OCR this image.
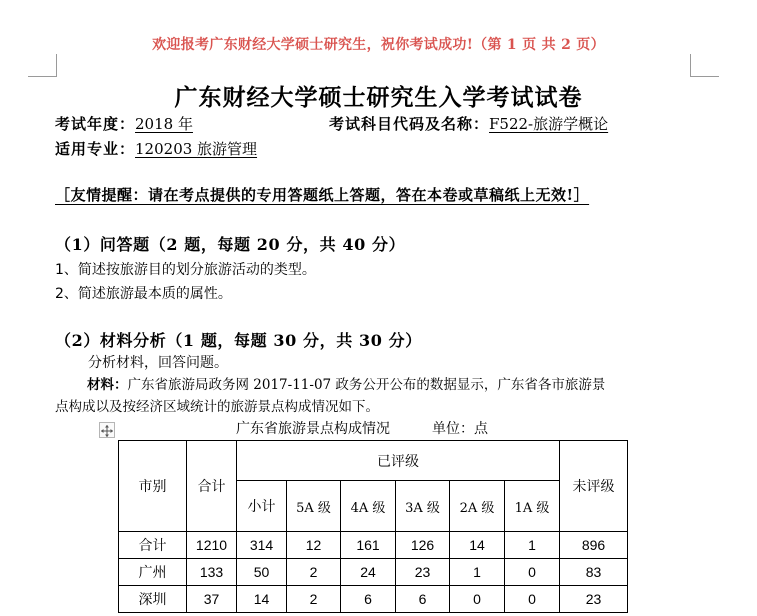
欢迎报考广东财经大学硕士研究生，祝你考试成功!（第 1 页 共 2 页）
广东财经大学硕士研究生入学考试试卷
考试年度：2018 年	考试科目代码及名称：F522-旅游学概论
适用专业：120203 旅游管理
［友情提醒：请在考点提供的专用答题纸上答题，答在本卷或草稿纸上无效!］
（1）问答题（2 题，每题 20 分，共 40 分）
1、简述按旅游目的划分旅游活动的类型。
2、简述旅游最本质的属性。
（2）材料分析（1 题，每题 30 分，共 30 分）
分析材料，回答问题。
材料：广东省旅游局政务网 2017-11-07 政务公开公布的数据显示，广东省各市旅游景
点构成以及按经济区域统计的旅游景点构成情况如下。
广东省旅游景点构成情况	单位：点
市别	合计	已评级						未评级
		小计	5A 级	4A 级	3A 级	2A 级	1A 级	
合计	1210	314	12	161	126	14	1	896
广州	133	50	2	24	23	1	0	83
深圳	37	14	2	6	6	0	0	23
